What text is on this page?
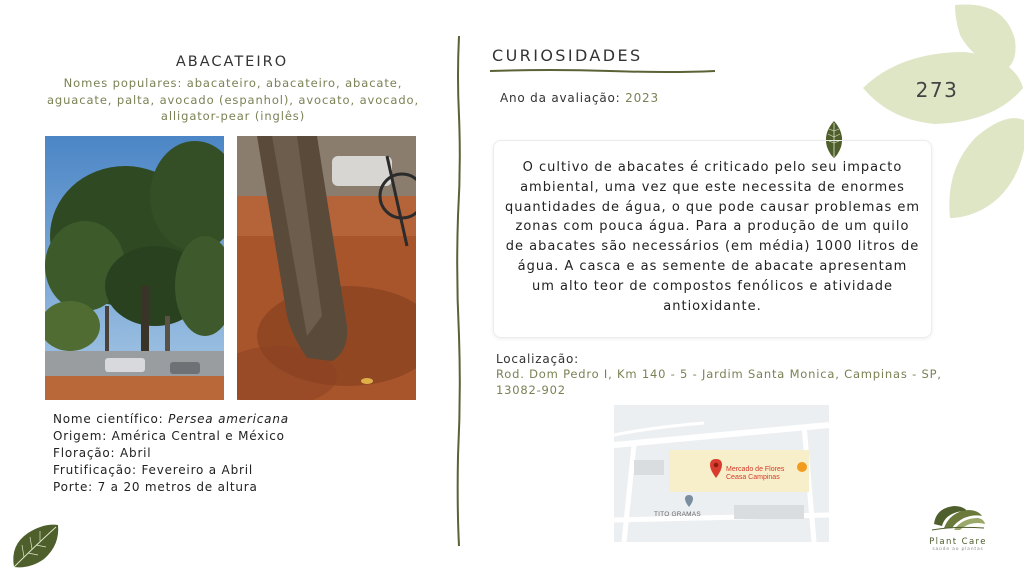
ABACATEIRO
Nomes populares: abacateiro, abacateiro, abacate, aguacate, palta, avocado (espanhol), avocato, avocado, alligator-pear (inglês)
Nome científico: Persea americana
Origem: América Central e México
Floração: Abril
Frutificação: Fevereiro a Abril
Porte: 7 a 20 metros de altura
CURIOSIDADES
Ano da avaliação: 2023
O cultivo de abacates é criticado pelo seu impacto ambiental, uma vez que este necessita de enormes quantidades de água, o que pode causar problemas em zonas com pouca água. Para a produção de um quilo de abacates são necessários (em média) 1000 litros de água. A casca e as semente de abacate apresentam um alto teor de compostos fenólicos e atividade antioxidante.
Localização:
Rod. Dom Pedro I, Km 140 - 5 - Jardim Santa Monica, Campinas - SP, 13082-902
Mercado de Flores
Ceasa Campinas
TITO GRAMAS
273
Plant Care
saúde ao plantas
